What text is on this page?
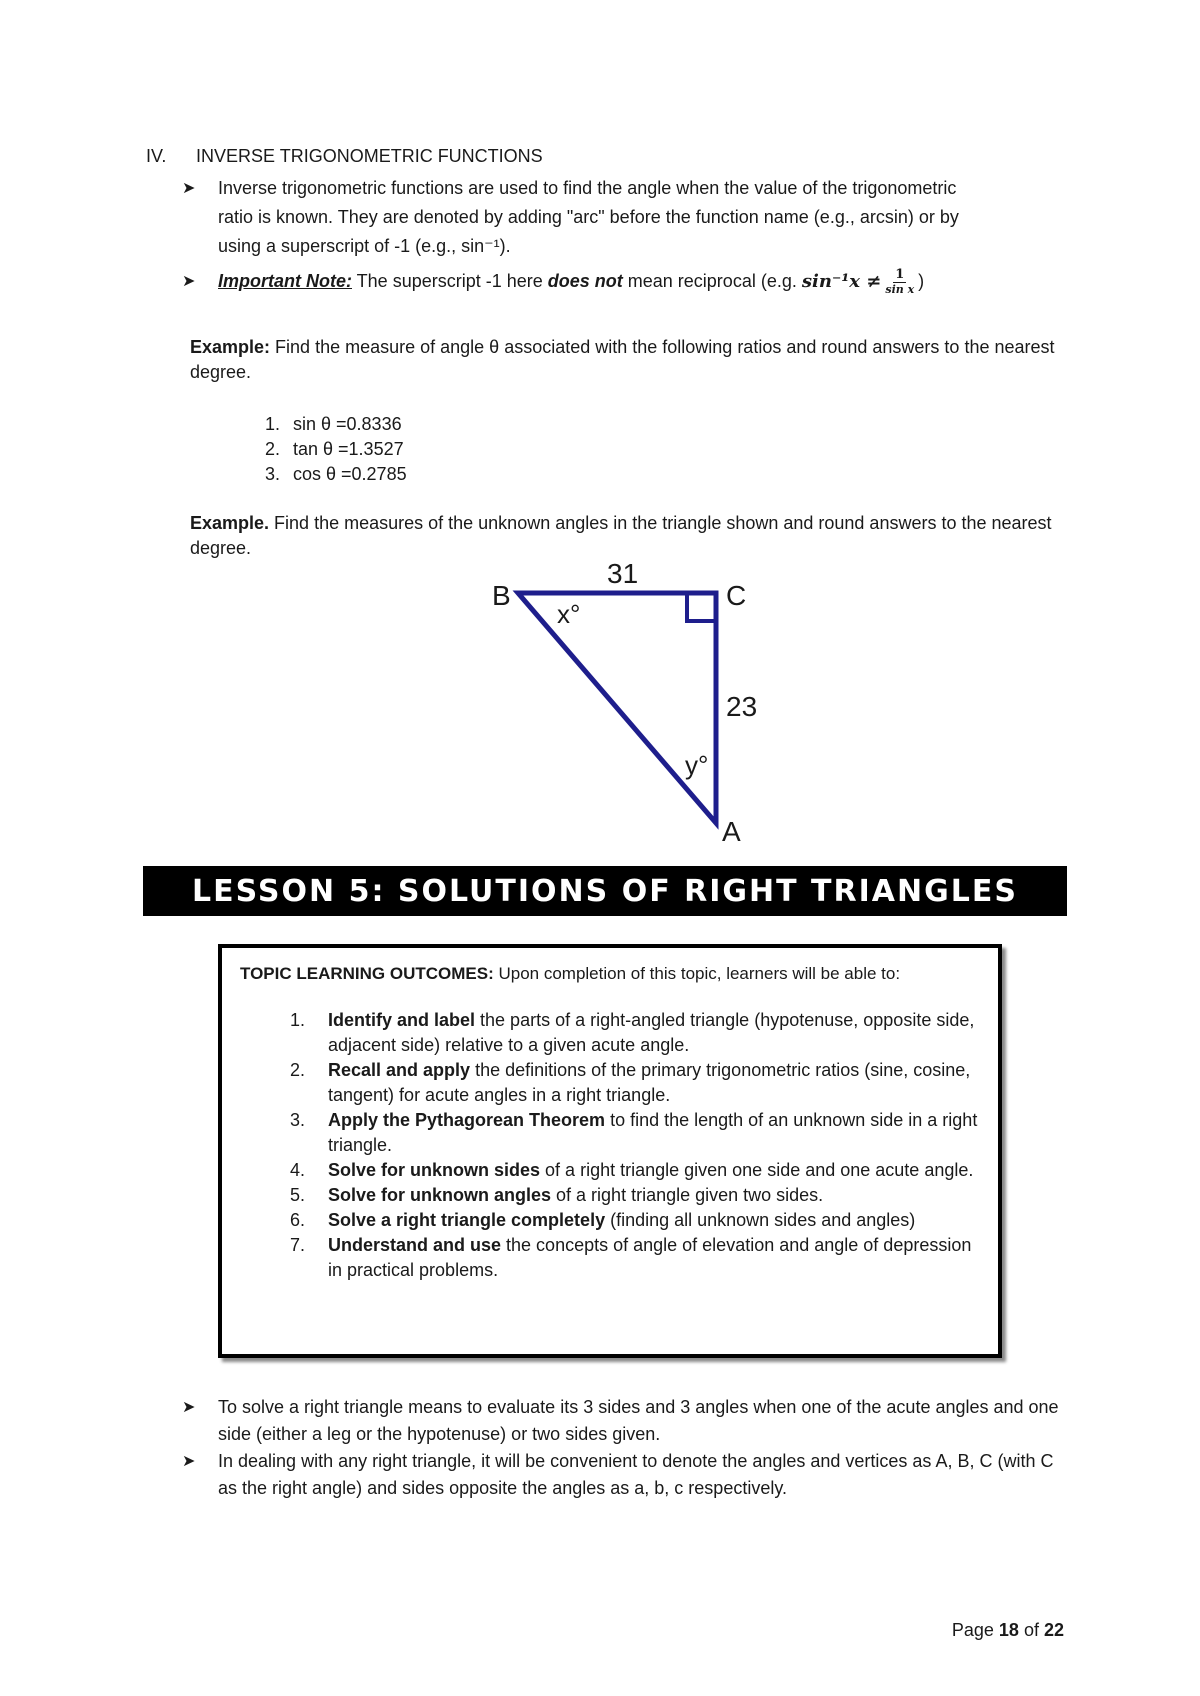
IV. INVERSE TRIGONOMETRIC FUNCTIONS
➤ Inverse trigonometric functions are used to find the angle when the value of the trigonometric
ratio is known. They are denoted by adding "arc" before the function name (e.g., arcsin) or by
using a superscript of -1 (e.g., sin⁻¹).
➤ Important Note: The superscript -1 here does not mean reciprocal (e.g. $\sin^{-1}x \ne \frac{1}{\text{sin x}}$ )
Example: Find the measure of angle θ associated with the following ratios and round answers to the nearest degree.
1. sin θ =0.8336
2. tan θ =1.3527
3. cos θ =0.2785
Example. Find the measures of the unknown angles in the triangle shown and round answers to the nearest degree.
B	C
A
31
23
x°
y°
LESSON 5: SOLUTIONS OF RIGHT TRIANGLES
TOPIC LEARNING OUTCOMES: Upon completion of this topic, learners will be able to:
1. Identify and label the parts of a right-angled triangle (hypotenuse, opposite side, adjacent side) relative to a given acute angle.
2. Recall and apply the definitions of the primary trigonometric ratios (sine, cosine, tangent) for acute angles in a right triangle.
3. Apply the Pythagorean Theorem to find the length of an unknown side in a right triangle.
4. Solve for unknown sides of a right triangle given one side and one acute angle.
5. Solve for unknown angles of a right triangle given two sides.
6. Solve a right triangle completely (finding all unknown sides and angles)
7. Understand and use the concepts of angle of elevation and angle of depression in practical problems.
➤ To solve a right triangle means to evaluate its 3 sides and 3 angles when one of the acute angles and one side (either a leg or the hypotenuse) or two sides given.
➤ In dealing with any right triangle, it will be convenient to denote the angles and vertices as A, B, C (with C as the right angle) and sides opposite the angles as a, b, c respectively.
Page 18 of 22
